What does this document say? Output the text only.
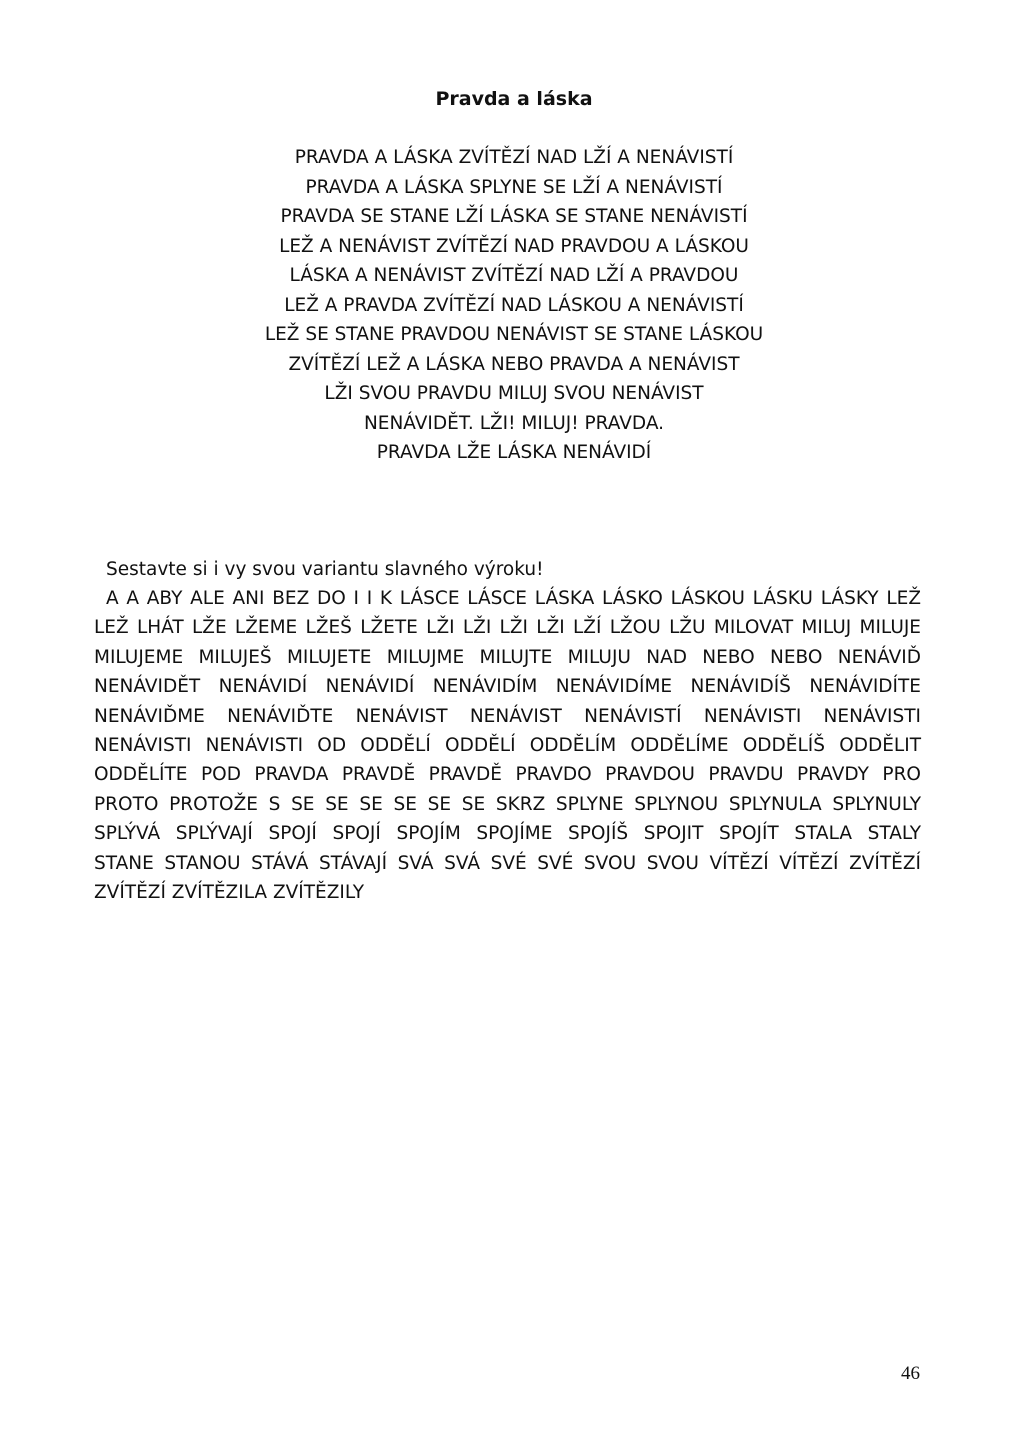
Pravda a láska
PRAVDA A LÁSKA ZVÍTĚZÍ NAD LŽÍ A NENÁVISTÍ
PRAVDA A LÁSKA SPLYNE SE LŽÍ A NENÁVISTÍ
PRAVDA SE STANE LŽÍ LÁSKA SE STANE NENÁVISTÍ
LEŽ A NENÁVIST ZVÍTĚZÍ NAD PRAVDOU A LÁSKOU
LÁSKA A NENÁVIST ZVÍTĚZÍ NAD LŽÍ A PRAVDOU
LEŽ A PRAVDA ZVÍTĚZÍ NAD LÁSKOU A NENÁVISTÍ
LEŽ SE STANE PRAVDOU NENÁVIST SE STANE LÁSKOU
ZVÍTĚZÍ LEŽ A LÁSKA NEBO PRAVDA A NENÁVIST
LŽI SVOU PRAVDU MILUJ SVOU NENÁVIST
NENÁVIDĚT. LŽI! MILUJ! PRAVDA.
PRAVDA LŽE LÁSKA NENÁVIDÍ
Sestavte si i vy svou variantu slavného výroku!
A A ABY ALE ANI BEZ DO I I K LÁSCE LÁSCE LÁSKA LÁSKO LÁSKOU LÁSKU LÁSKY LEŽ
LEŽ LHÁT LŽE LŽEME LŽEŠ LŽETE LŽI LŽI LŽI LŽI LŽÍ LŽOU LŽU MILOVAT MILUJ MILUJE
MILUJEME MILUJEŠ MILUJETE MILUJME MILUJTE MILUJU NAD NEBO NEBO NENÁVIĎ
NENÁVIDĚT NENÁVIDÍ NENÁVIDÍ NENÁVIDÍM NENÁVIDÍME NENÁVIDÍŠ NENÁVIDÍTE
NENÁVIĎME NENÁVIĎTE NENÁVIST NENÁVIST NENÁVISTÍ NENÁVISTI NENÁVISTI
NENÁVISTI NENÁVISTI OD ODDĚLÍ ODDĚLÍ ODDĚLÍM ODDĚLÍME ODDĚLÍŠ ODDĚLIT
ODDĚLÍTE POD PRAVDA PRAVDĚ PRAVDĚ PRAVDO PRAVDOU PRAVDU PRAVDY PRO
PROTO PROTOŽE S SE SE SE SE SE SE SKRZ SPLYNE SPLYNOU SPLYNULA SPLYNULY
SPLÝVÁ SPLÝVAJÍ SPOJÍ SPOJÍ SPOJÍM SPOJÍME SPOJÍŠ SPOJIT SPOJÍT STALA STALY
STANE STANOU STÁVÁ STÁVAJÍ SVÁ SVÁ SVÉ SVÉ SVOU SVOU VÍTĚZÍ VÍTĚZÍ ZVÍTĚZÍ
ZVÍTĚZÍ ZVÍTĚZILA ZVÍTĚZILY
46
